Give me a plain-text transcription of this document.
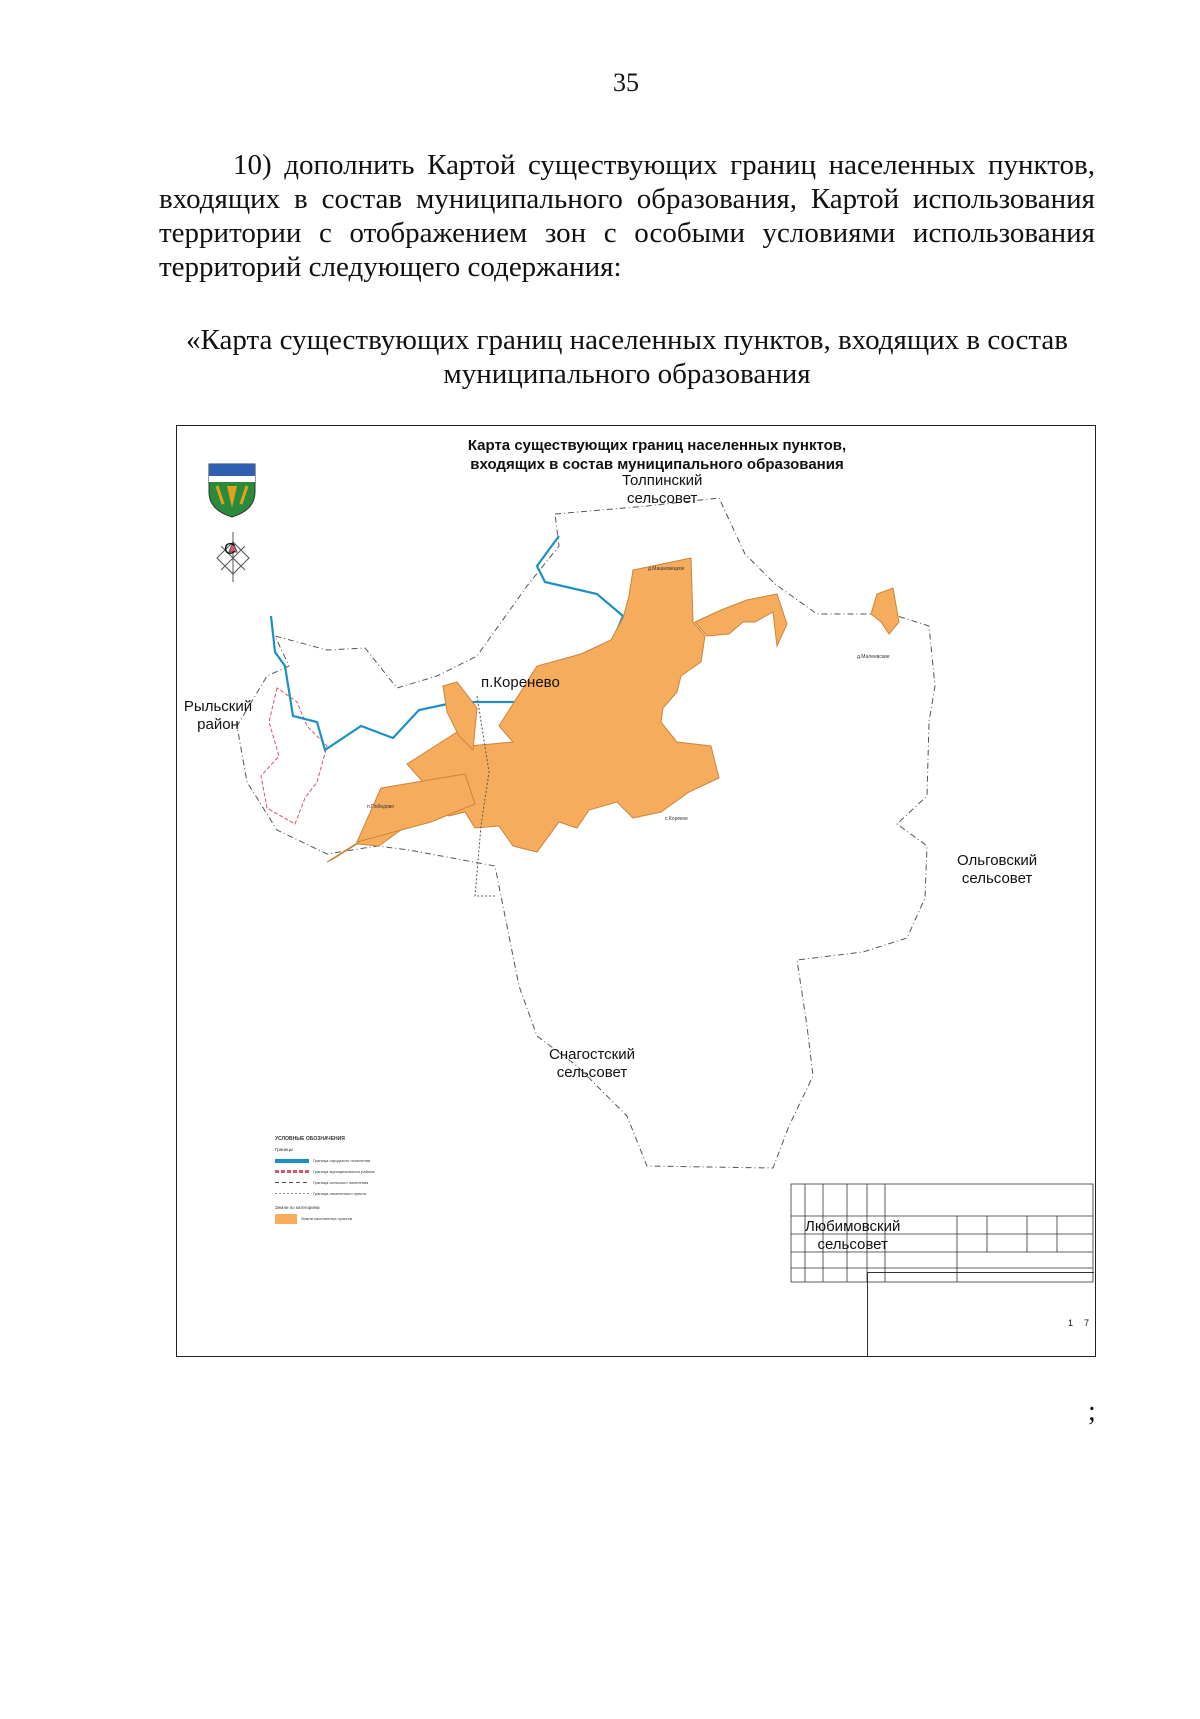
35
10) дополнить Картой существующих границ населенных пунктов, входящих в состав муниципального образования, Картой использования территории с отображением зон с особыми условиями использования территорий следующего содержания:
«Карта существующих границ населенных пунктов, входящих в состав муниципального образования
Карта существующих границ населенных пунктов,
входящих в состав муниципального образования
С
Толпинский
сельсовет
п.Коренево
Рыльский
район
Ольговский
сельсовет
Снагостский
сельсовет
Любимовский
сельсовет
д.Машковецкое
д.Малеевские
п.Победово
с.Корекое
УСЛОВНЫЕ ОБОЗНАЧЕНИЯ
Границы
Граница городского поселения
Граница муниципального района
Граница сельского поселения
Граница населенного пункта
Земли по категориям
Земли населенных пунктов
1 7
;
